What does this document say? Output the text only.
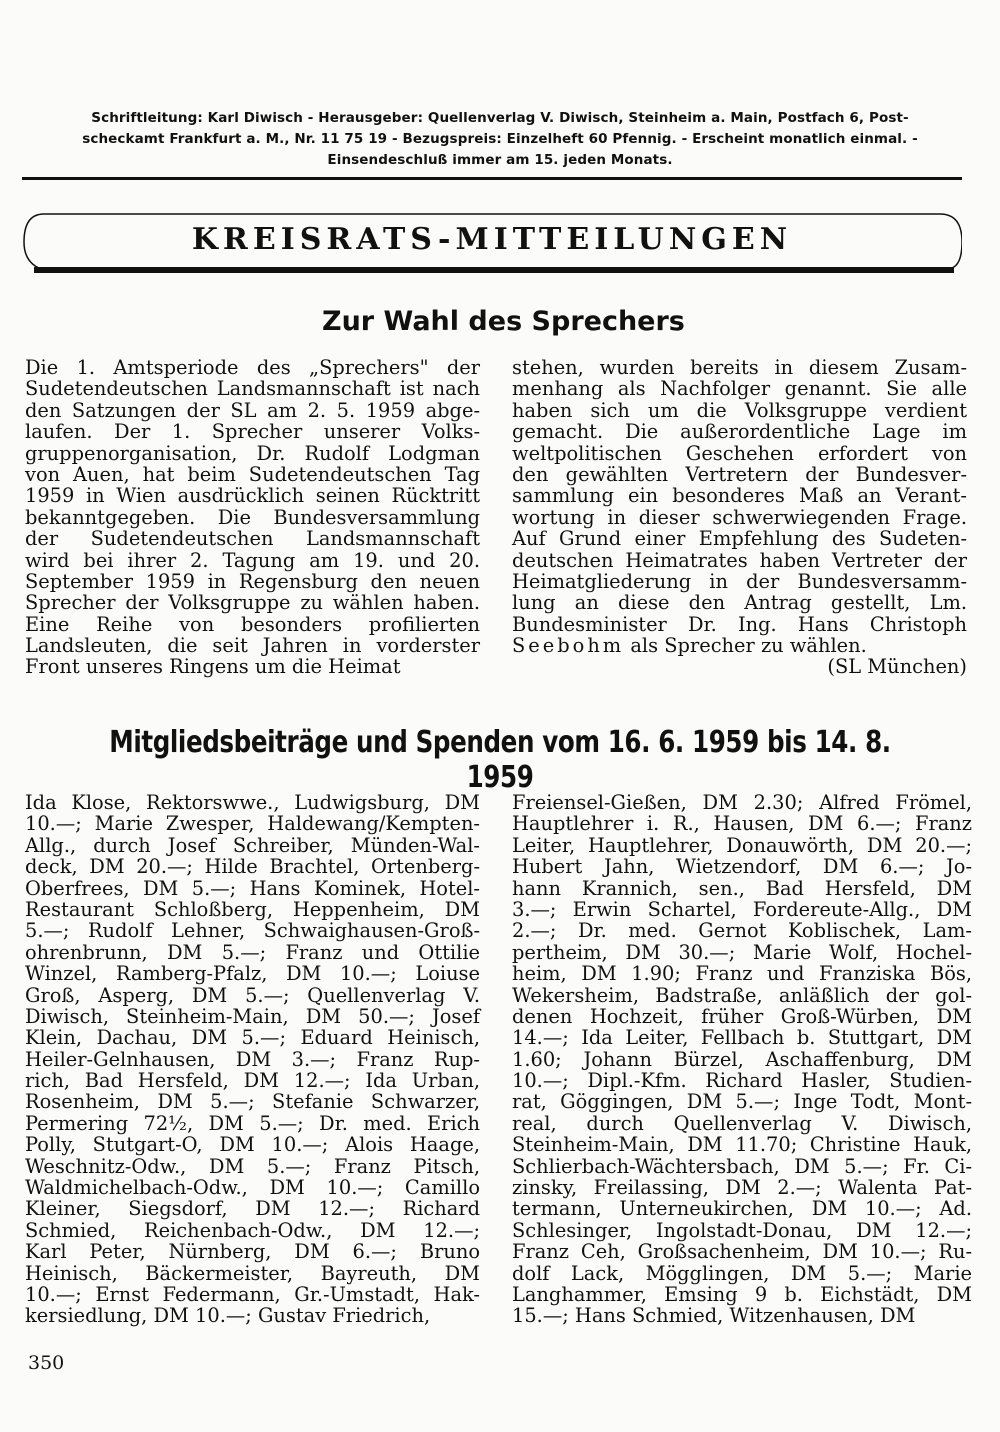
Schriftleitung: Karl Diwisch - Herausgeber: Quellenverlag V. Diwisch, Steinheim a. Main, Postfach 6, Post-
scheckamt Frankfurt a. M., Nr. 11 75 19 - Bezugspreis: Einzelheft 60 Pfennig. - Erscheint monatlich einmal. -
Einsendeschluß immer am 15. jeden Monats.
KREISRATS-MITTEILUNGEN
Zur Wahl des Sprechers
Die 1. Amtsperiode des „Sprechers" der
Sudetendeutschen Landsmannschaft ist nach
den Satzungen der SL am 2. 5. 1959 abge-
laufen. Der 1. Sprecher unserer Volks-
gruppenorganisation, Dr. Rudolf Lodgman
von Auen, hat beim Sudetendeutschen Tag
1959 in Wien ausdrücklich seinen Rücktritt
bekanntgegeben. Die Bundesversammlung
der Sudetendeutschen Landsmannschaft
wird bei ihrer 2. Tagung am 19. und 20.
September 1959 in Regensburg den neuen
Sprecher der Volksgruppe zu wählen haben.
Eine Reihe von besonders profilierten
Landsleuten, die seit Jahren in vorderster
Front unseres Ringens um die Heimat
stehen, wurden bereits in diesem Zusam-
menhang als Nachfolger genannt. Sie alle
haben sich um die Volksgruppe verdient
gemacht. Die außerordentliche Lage im
weltpolitischen Geschehen erfordert von
den gewählten Vertretern der Bundesver-
sammlung ein besonderes Maß an Verant-
wortung in dieser schwerwiegenden Frage.
Auf Grund einer Empfehlung des Sudeten-
deutschen Heimatrates haben Vertreter der
Heimatgliederung in der Bundesversamm-
lung an diese den Antrag gestellt, Lm.
Bundesminister Dr. Ing. Hans Christoph
Seebohm als Sprecher zu wählen.
(SL München)
Mitgliedsbeiträge und Spenden vom 16. 6. 1959 bis 14. 8. 1959
Ida Klose, Rektorswwe., Ludwigsburg, DM
10.—; Marie Zwesper, Haldewang/Kempten-
Allg., durch Josef Schreiber, Münden-Wal-
deck, DM 20.—; Hilde Brachtel, Ortenberg-
Oberfrees, DM 5.—; Hans Kominek, Hotel-
Restaurant Schloßberg, Heppenheim, DM
5.—; Rudolf Lehner, Schwaighausen-Groß-
ohrenbrunn, DM 5.—; Franz und Ottilie
Winzel, Ramberg-Pfalz, DM 10.—; Loiuse
Groß, Asperg, DM 5.—; Quellenverlag V.
Diwisch, Steinheim-Main, DM 50.—; Josef
Klein, Dachau, DM 5.—; Eduard Heinisch,
Heiler-Gelnhausen, DM 3.—; Franz Rup-
rich, Bad Hersfeld, DM 12.—; Ida Urban,
Rosenheim, DM 5.—; Stefanie Schwarzer,
Permering 72½, DM 5.—; Dr. med. Erich
Polly, Stutgart-O, DM 10.—; Alois Haage,
Weschnitz-Odw., DM 5.—; Franz Pitsch,
Waldmichelbach-Odw., DM 10.—; Camillo
Kleiner, Siegsdorf, DM 12.—; Richard
Schmied, Reichenbach-Odw., DM 12.—;
Karl Peter, Nürnberg, DM 6.—; Bruno
Heinisch, Bäckermeister, Bayreuth, DM
10.—; Ernst Federmann, Gr.-Umstadt, Hak-
kersiedlung, DM 10.—; Gustav Friedrich,
Freiensel-Gießen, DM 2.30; Alfred Frömel,
Hauptlehrer i. R., Hausen, DM 6.—; Franz
Leiter, Hauptlehrer, Donauwörth, DM 20.—;
Hubert Jahn, Wietzendorf, DM 6.—; Jo-
hann Krannich, sen., Bad Hersfeld, DM
3.—; Erwin Schartel, Fordereute-Allg., DM
2.—; Dr. med. Gernot Koblischek, Lam-
pertheim, DM 30.—; Marie Wolf, Hochel-
heim, DM 1.90; Franz und Franziska Bös,
Wekersheim, Badstraße, anläßlich der gol-
denen Hochzeit, früher Groß-Würben, DM
14.—; Ida Leiter, Fellbach b. Stuttgart, DM
1.60; Johann Bürzel, Aschaffenburg, DM
10.—; Dipl.-Kfm. Richard Hasler, Studien-
rat, Göggingen, DM 5.—; Inge Todt, Mont-
real, durch Quellenverlag V. Diwisch,
Steinheim-Main, DM 11.70; Christine Hauk,
Schlierbach-Wächtersbach, DM 5.—; Fr. Ci-
zinsky, Freilassing, DM 2.—; Walenta Pat-
termann, Unterneukirchen, DM 10.—; Ad.
Schlesinger, Ingolstadt-Donau, DM 12.—;
Franz Ceh, Großsachenheim, DM 10.—; Ru-
dolf Lack, Mögglingen, DM 5.—; Marie
Langhammer, Emsing 9 b. Eichstädt, DM
15.—; Hans Schmied, Witzenhausen, DM
350
